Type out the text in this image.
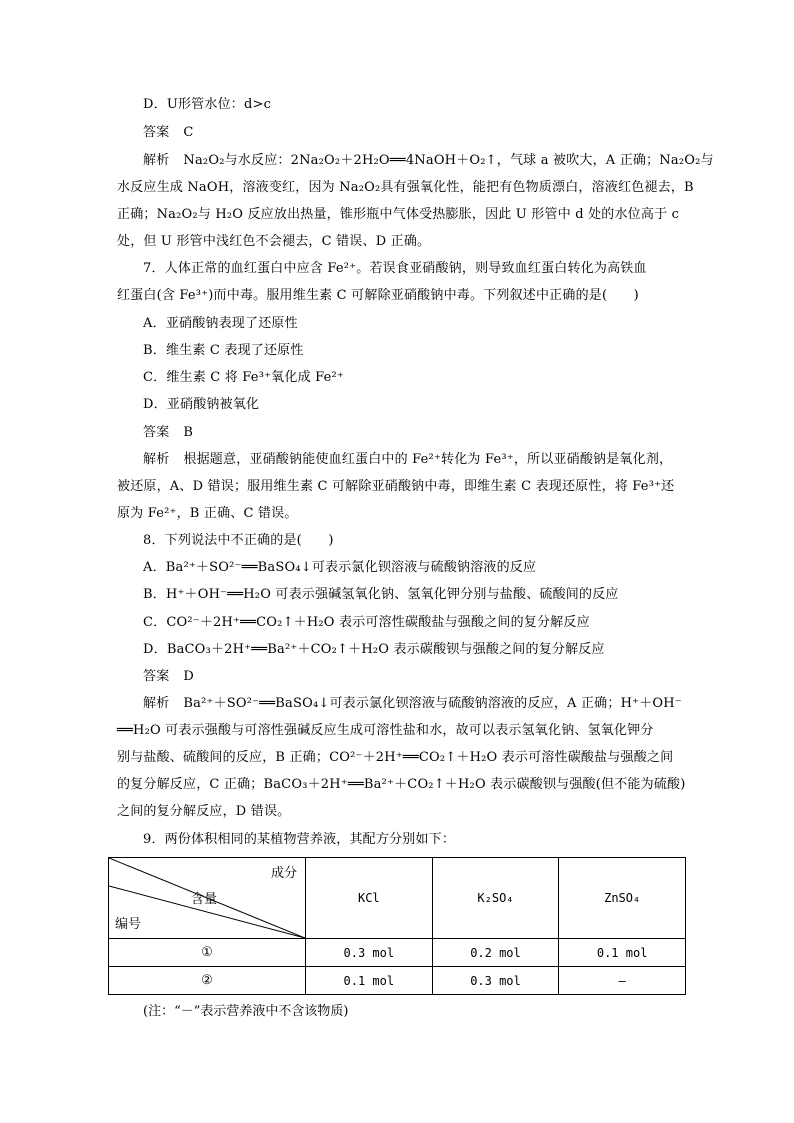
D．U形管水位：d>c
答案 C
解析 Na₂O₂与水反应：2Na₂O₂＋2H₂O══4NaOH＋O₂↑，气球 a 被吹大，A 正确；Na₂O₂与
水反应生成 NaOH，溶液变红，因为 Na₂O₂具有强氧化性，能把有色物质漂白，溶液红色褪去，B
正确；Na₂O₂与 H₂O 反应放出热量，锥形瓶中气体受热膨胀，因此 U 形管中 d 处的水位高于 c
处，但 U 形管中浅红色不会褪去，C 错误、D 正确。
7．人体正常的血红蛋白中应含 Fe²⁺。若误食亚硝酸钠，则导致血红蛋白转化为高铁血
红蛋白(含 Fe³⁺)而中毒。服用维生素 C 可解除亚硝酸钠中毒。下列叙述中正确的是(　　)
A．亚硝酸钠表现了还原性
B．维生素 C 表现了还原性
C．维生素 C 将 Fe³⁺氧化成 Fe²⁺
D．亚硝酸钠被氧化
答案 B
解析 根据题意，亚硝酸钠能使血红蛋白中的 Fe²⁺转化为 Fe³⁺，所以亚硝酸钠是氧化剂，
被还原，A、D 错误；服用维生素 C 可解除亚硝酸钠中毒，即维生素 C 表现还原性，将 Fe³⁺还
原为 Fe²⁺，B 正确、C 错误。
8．下列说法中不正确的是(　　)
A．Ba²⁺＋SO²⁻══BaSO₄↓可表示氯化钡溶液与硫酸钠溶液的反应
B．H⁺＋OH⁻══H₂O 可表示强碱氢氧化钠、氢氧化钾分别与盐酸、硫酸间的反应
C．CO²⁻＋2H⁺══CO₂↑＋H₂O 表示可溶性碳酸盐与强酸之间的复分解反应
D．BaCO₃＋2H⁺══Ba²⁺＋CO₂↑＋H₂O 表示碳酸钡与强酸之间的复分解反应
答案 D
解析 Ba²⁺＋SO²⁻══BaSO₄↓可表示氯化钡溶液与硫酸钠溶液的反应，A 正确；H⁺＋OH⁻
══H₂O 可表示强酸与可溶性强碱反应生成可溶性盐和水，故可以表示氢氧化钠、氢氧化钾分
别与盐酸、硫酸间的反应，B 正确；CO²⁻＋2H⁺══CO₂↑＋H₂O 表示可溶性碳酸盐与强酸之间
的复分解反应，C 正确；BaCO₃＋2H⁺══Ba²⁺＋CO₂↑＋H₂O 表示碳酸钡与强酸(但不能为硫酸)
之间的复分解反应，D 错误。
9．两份体积相同的某植物营养液，其配方分别如下：
成分
含量
编号	KCl	K₂SO₄	ZnSO₄
①	0.3 mol	0.2 mol	0.1 mol
②	0.1 mol	0.3 mol	—
(注：“－”表示营养液中不含该物质)
